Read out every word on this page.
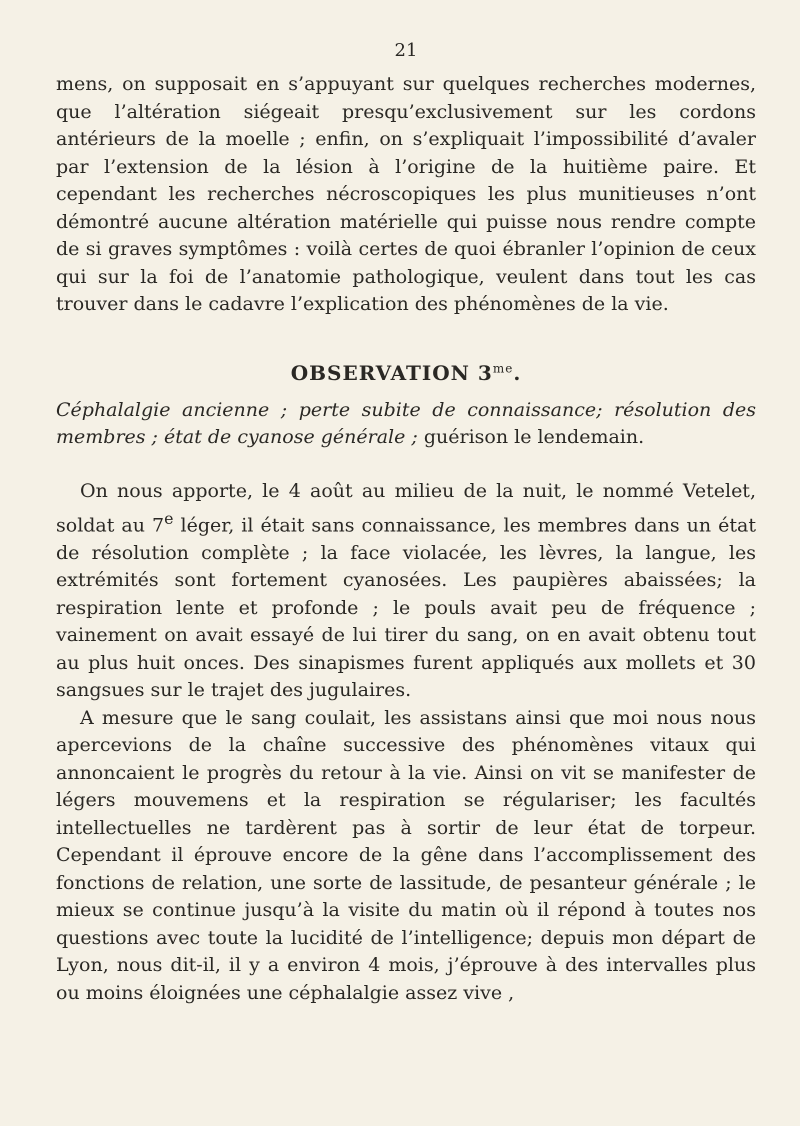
21

mens, on supposait en s’appuyant sur quelques recherches modernes, que l’altération siégeait presqu’exclusivement sur les cordons antérieurs de la moelle ; enfin, on s’expliquait l’impossibilité d’avaler par l’extension de la lésion à l’origine de la huitième paire. Et cependant les recherches nécroscopiques les plus munitieuses n’ont démontré aucune altération matérielle qui puisse nous rendre compte de si graves symptômes : voilà certes de quoi ébranler l’opinion de ceux qui sur la foi de l’anatomie pathologique, veulent dans tout les cas trouver dans le cadavre l’explication des phénomènes de la vie.

OBSERVATION $3^{me}$.

Céphalalgie ancienne ; perte subite de connaissance; résolution des membres ; état de cyanose générale ; guérison le lendemain.

On nous apporte, le 4 août au milieu de la nuit, le nommé Vetelet, soldat au 7e léger, il était sans connaissance, les membres dans un état de résolution complète ; la face violacée, les lèvres, la langue, les extrémités sont fortement cyanosées. Les paupières abaissées; la respiration lente et profonde ; le pouls avait peu de fréquence ; vainement on avait essayé de lui tirer du sang, on en avait obtenu tout au plus huit onces. Des sinapismes furent appliqués aux mollets et 30 sangsues sur le trajet des jugulaires.

A mesure que le sang coulait, les assistans ainsi que moi nous nous apercevions de la chaîne successive des phénomènes vitaux qui annoncaient le progrès du retour à la vie. Ainsi on vit se manifester de légers mouvemens et la respiration se régulariser; les facultés intellectuelles ne tardèrent pas à sortir de leur état de torpeur. Cependant il éprouve encore de la gêne dans l’accomplissement des fonctions de relation, une sorte de lassitude, de pesanteur générale ; le mieux se continue jusqu’à la visite du matin où il répond à toutes nos questions avec toute la lucidité de l’intelligence; depuis mon départ de Lyon, nous dit-il, il y a environ 4 mois, j’éprouve à des intervalles plus ou moins éloignées une céphalalgie assez vive ,
